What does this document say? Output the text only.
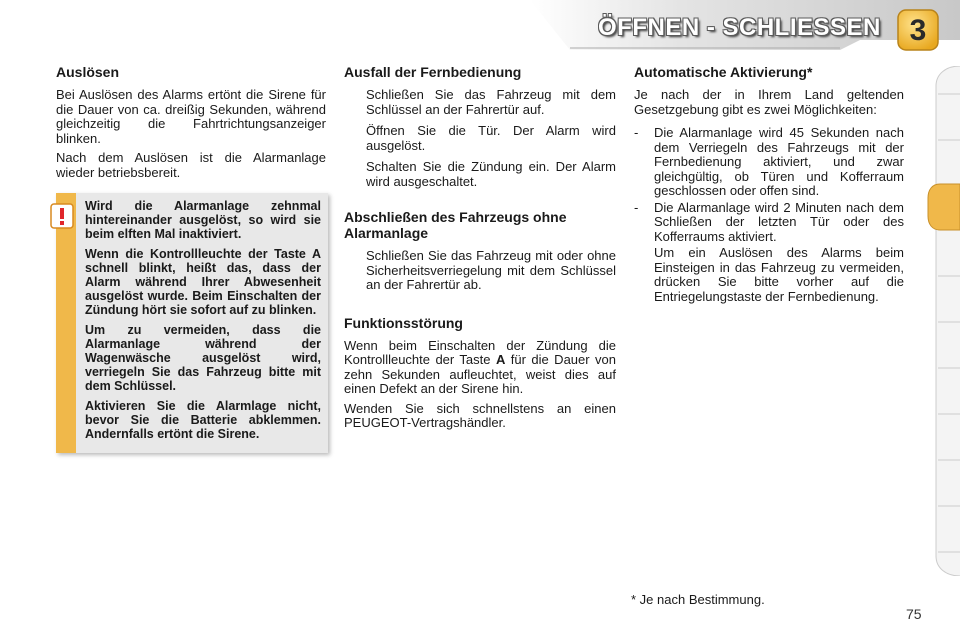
ÖFFNEN - SCHLIESSEN 3
Auslösen

Bei Auslösen des Alarms ertönt die Sirene für die Dauer von ca. dreißig Sekunden, während gleichzeitig die Fahrtrichtungsanzeiger blinken.

Nach dem Auslösen ist die Alarmanlage wieder betriebsbereit.

Wird die Alarmanlage zehnmal hintereinander ausgelöst, so wird sie beim elften Mal inaktiviert.

Wenn die Kontrollleuchte der Taste A schnell blinkt, heißt das, dass der Alarm während Ihrer Abwesenheit ausgelöst wurde. Beim Einschalten der Zündung hört sie sofort auf zu blinken.

Um zu vermeiden, dass die Alarmanlage während der Wagenwäsche ausgelöst wird, verriegeln Sie das Fahrzeug bitte mit dem Schlüssel.

Aktivieren Sie die Alarmlage nicht, bevor Sie die Batterie abklemmen. Andernfalls ertönt die Sirene.

Ausfall der Fernbedienung
Schließen Sie das Fahrzeug mit dem Schlüssel an der Fahrertür auf.
Öffnen Sie die Tür. Der Alarm wird ausgelöst.
Schalten Sie die Zündung ein. Der Alarm wird ausgeschaltet.
Abschließen des Fahrzeugs ohne Alarmanlage
Schließen Sie das Fahrzeug mit oder ohne Sicherheitsverriegelung mit dem Schlüssel an der Fahrertür ab.
Funktionsstörung

Wenn beim Einschalten der Zündung die Kontrollleuchte der Taste A für die Dauer von zehn Sekunden aufleuchtet, weist dies auf einen Defekt an der Sirene hin.

Wenden Sie sich schnellstens an einen PEUGEOT-Vertragshändler.

Automatische Aktivierung*

Je nach der in Ihrem Land geltenden Gesetzgebung gibt es zwei Möglichkeiten:

- Die Alarmanlage wird 45 Sekunden nach dem Verriegeln des Fahrzeugs mit der Fernbedienung aktiviert, und zwar gleichgültig, ob Türen und Kofferraum geschlossen oder offen sind.
- Die Alarmanlage wird 2 Minuten nach dem Schließen der letzten Tür oder des Kofferraums aktiviert.
Um ein Auslösen des Alarms beim Einsteigen in das Fahrzeug zu vermeiden, drücken Sie bitte vorher auf die Entriegelungstaste der Fernbedienung.
* Je nach Bestimmung.
75
